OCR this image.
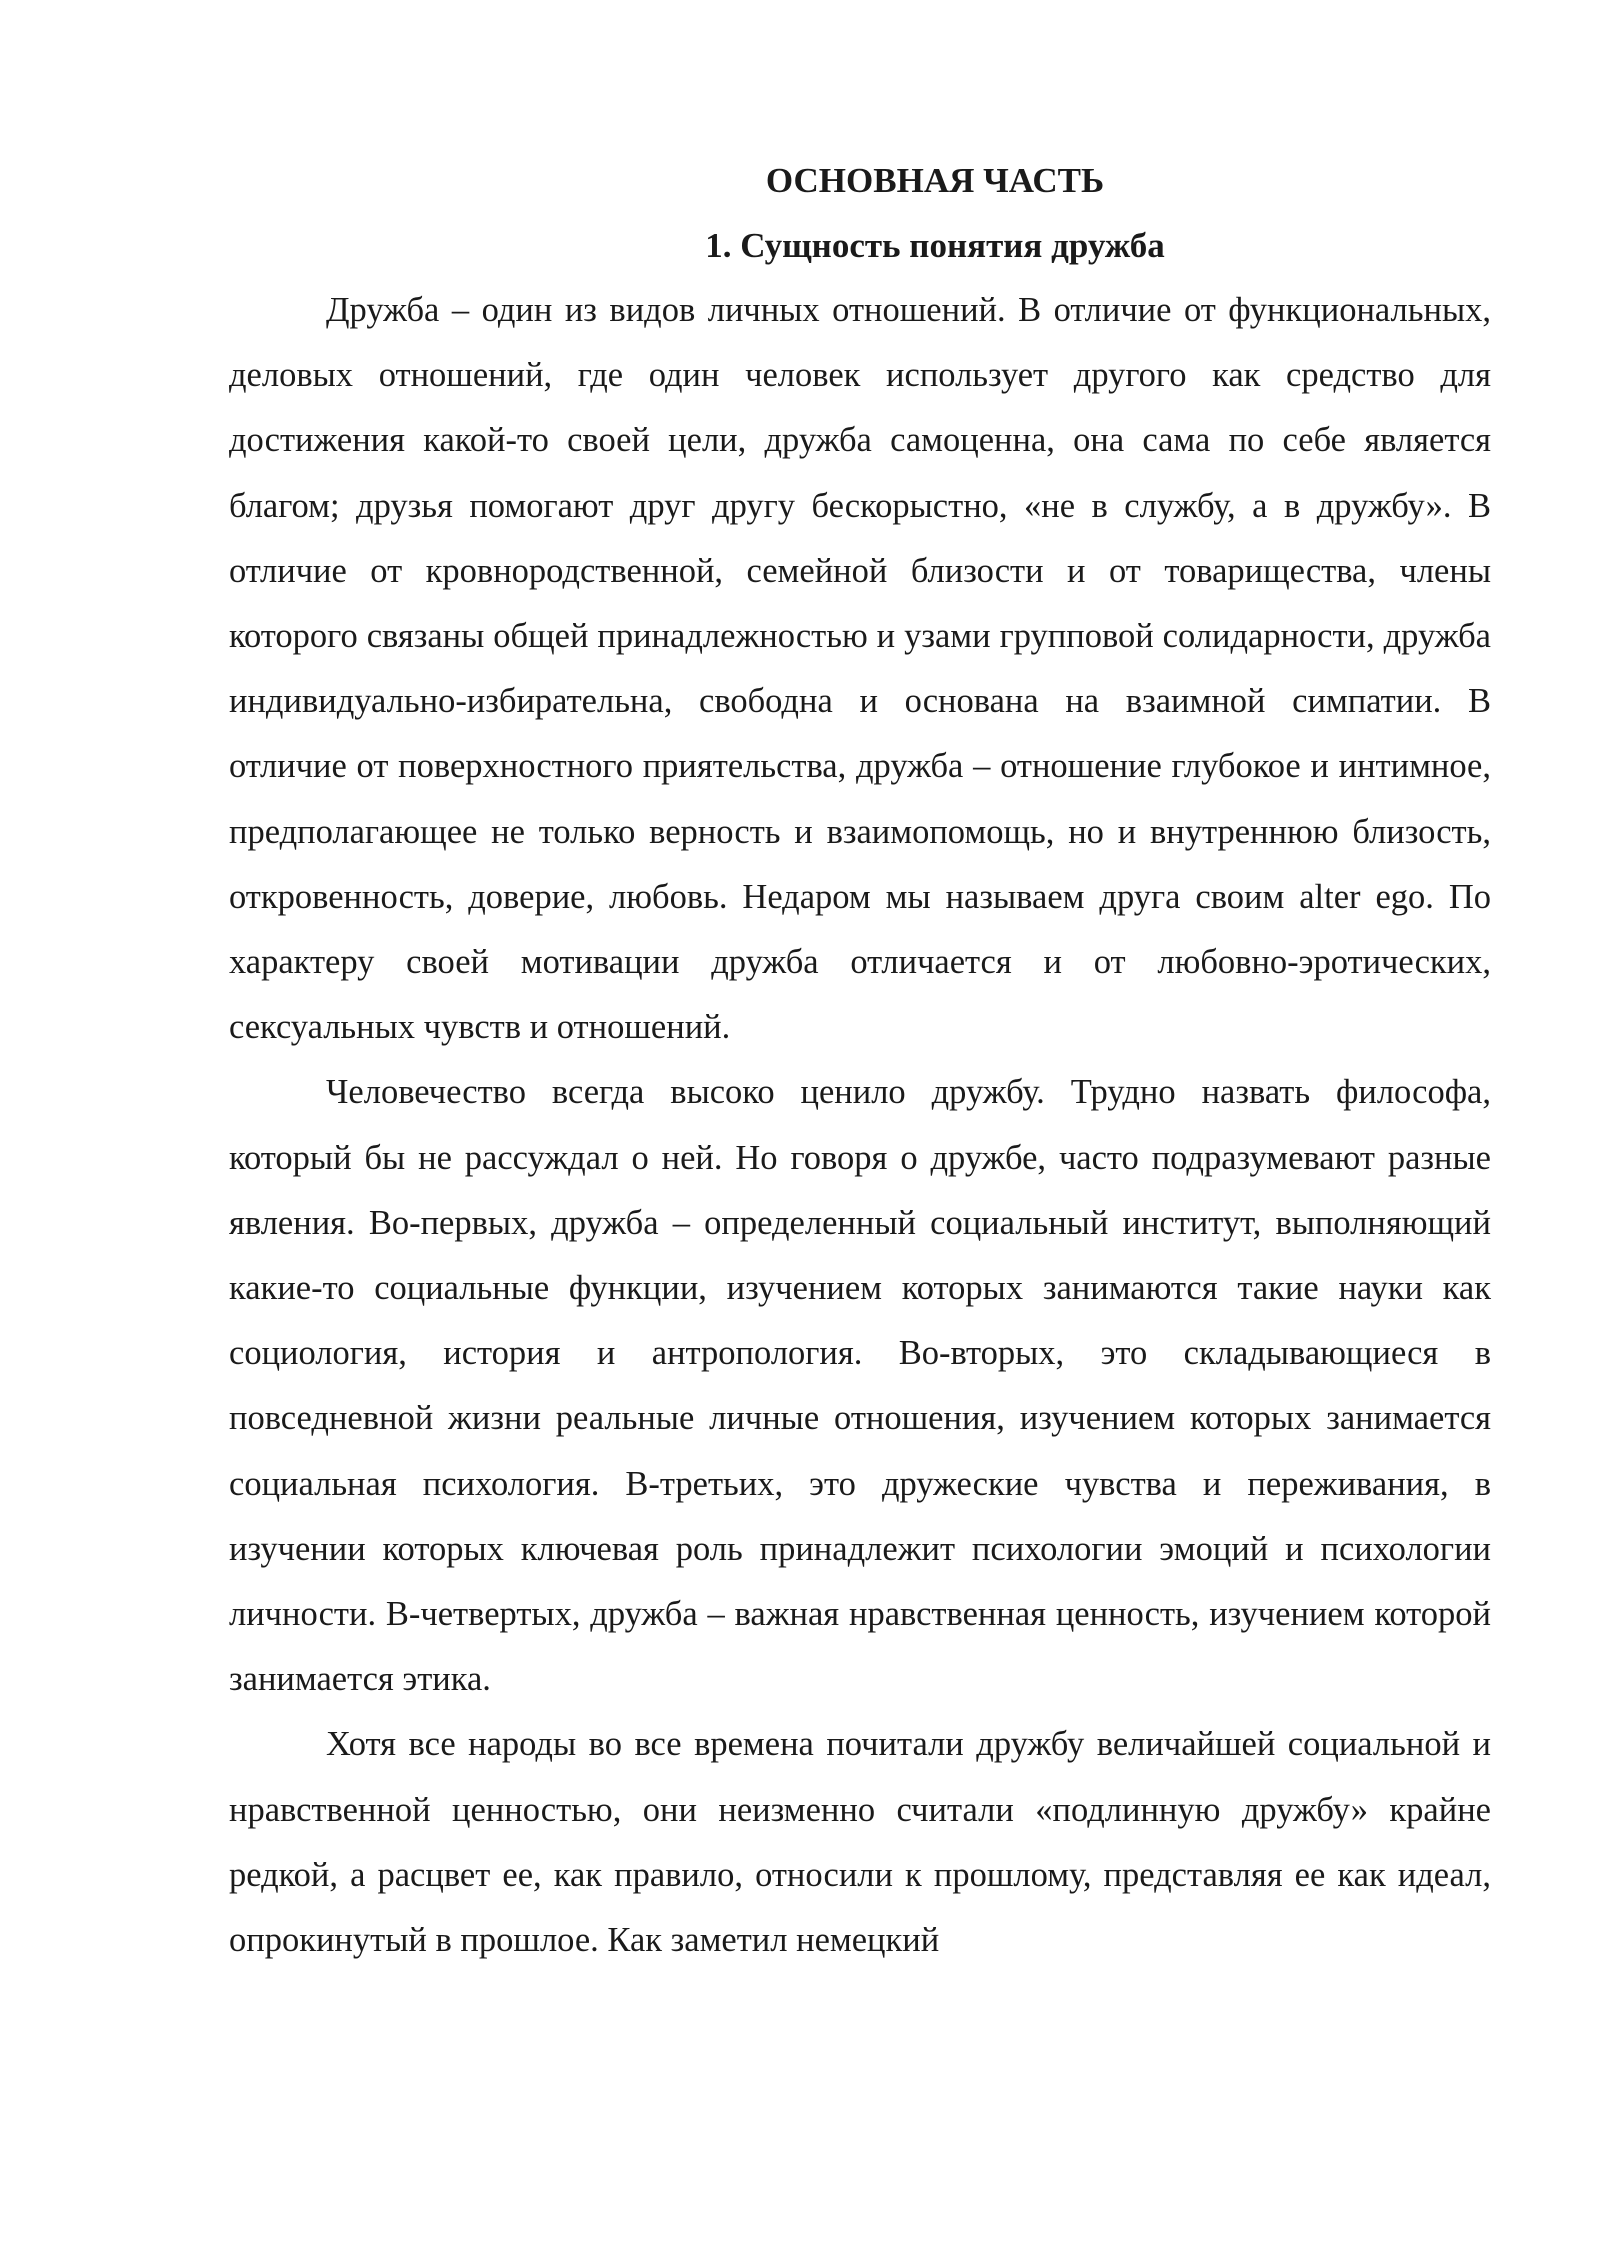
ОСНОВНАЯ ЧАСТЬ
1. Сущность понятия дружба

Дружба – один из видов личных отношений. В отличие от функциональных, деловых отношений, где один человек использует другого как средство для достижения какой-то своей цели, дружба самоценна, она сама по себе является благом; друзья помогают друг другу бескорыстно, «не в службу, а в дружбу». В отличие от кровнородственной, семейной близости и от товарищества, члены которого связаны общей принадлежностью и узами групповой солидарности, дружба индивидуально-избирательна, свободна и основана на взаимной симпатии. В отличие от поверхностного приятельства, дружба – отношение глубокое и интимное, предполагающее не только верность и взаимопомощь, но и внутреннюю близость, откровенность, доверие, любовь. Недаром мы называем друга своим alter ego. По характеру своей мотивации дружба отличается и от любовно-эротических, сексуальных чувств и отношений.

Человечество всегда высоко ценило дружбу. Трудно назвать философа, который бы не рассуждал о ней. Но говоря о дружбе, часто подразумевают разные явления. Во-первых, дружба – определенный социальный институт, выполняющий какие-то социальные функции, изучением которых занимаются такие науки как социология, история и антропология. Во-вторых, это складывающиеся в повседневной жизни реальные личные отношения, изучением которых занимается социальная психология. В-третьих, это дружеские чувства и переживания, в изучении которых ключевая роль принадлежит психологии эмоций и психологии личности. В-четвертых, дружба – важная нравственная ценность, изучением которой занимается этика.

Хотя все народы во все времена почитали дружбу величайшей социальной и нравственной ценностью, они неизменно считали «подлинную дружбу» крайне редкой, а расцвет ее, как правило, относили к прошлому, представляя ее как идеал, опрокинутый в прошлое. Как заметил немецкий
